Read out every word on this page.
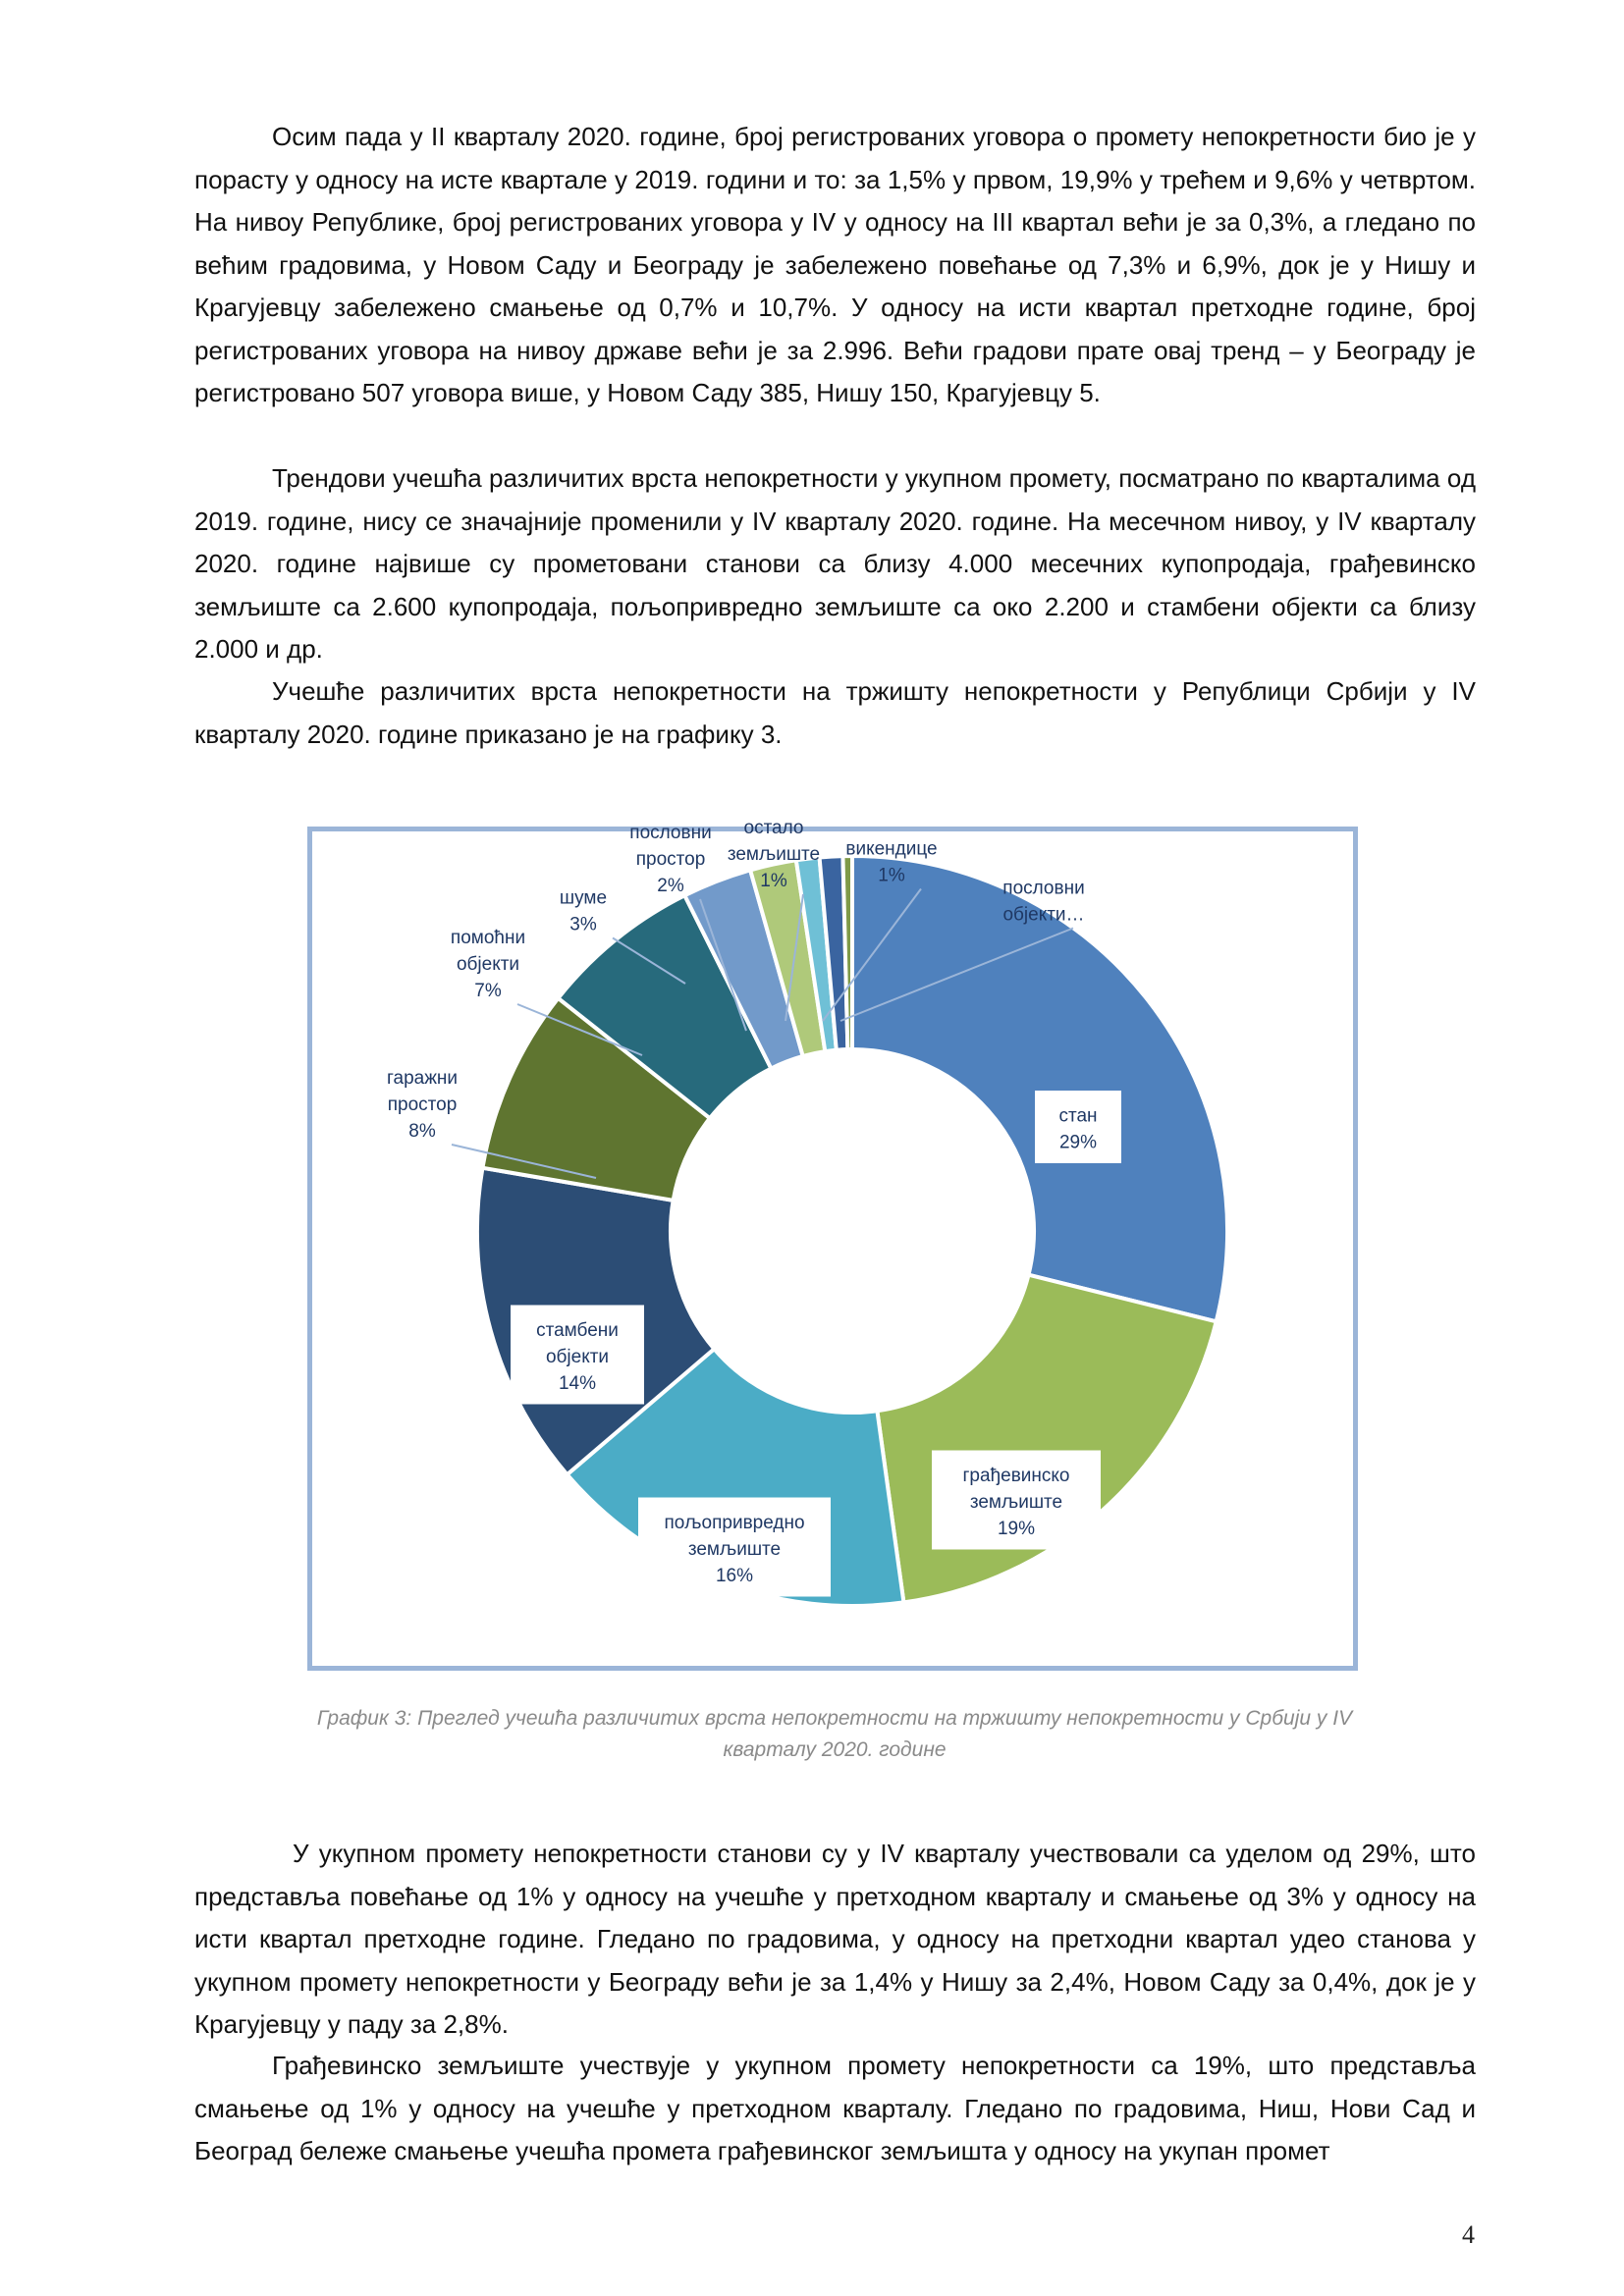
Осим пада у II кварталу 2020. године, број регистрованих уговора о промету непокретности био је у порасту у односу на исте квартале у 2019. години и то: за 1,5% у првом, 19,9% у трећем и 9,6% у четвртом. На нивоу Републике, број регистрованих уговора у IV у односу на III квартал већи је за 0,3%, а гледано по већим градовима, у Новом Саду и Београду је забележено повећање од 7,3% и 6,9%, док је у Нишу и Крагујевцу забележено смањење од 0,7% и 10,7%. У односу на исти квартал претходне године, број регистрованих уговора на нивоу државе већи је за 2.996. Већи градови прате овај тренд – у Београду је регистровано 507 уговора више, у Новом Саду 385, Нишу 150, Крагујевцу 5.

Трендови учешћа различитих врста непокретности у укупном промету, посматрано по кварталима од 2019. године, нису се значајније променили у IV кварталу 2020. године. На месечном нивоу, у IV кварталу 2020. године највише су прометовани станови са близу 4.000 месечних купопродаја, грађевинско земљиште са 2.600 купопродаја, пољопривредно земљиште са око 2.200 и стамбени објекти са близу 2.000 и др.

Учешће различитих врста непокретности на тржишту непокретности у Републици Србији у IV кварталу 2020. године приказано је на графику 3.

стан 29%
грађевинско земљиште 19%
пољопривредно земљиште 16%
стамбени објекти 14%
гаражни простор 8%
помоћни објекти 7%
шуме 3%
пословни простор 2%
остало земљиште 1%
викендице 1%
пословни објекти…

График 3: Преглед учешћа различитих врста непокретности на тржишту непокретности у Србији у IV кварталу 2020. године

У укупном промету непокретности станови су у IV кварталу учествовали са уделом од 29%, што представља повећање од 1% у односу на учешће у претходном кварталу и смањење од 3% у односу на исти квартал претходне године. Гледано по градовима, у односу на претходни квартал удео станова у укупном промету непокретности у Београду већи је за 1,4% у Нишу за 2,4%, Новом Саду за 0,4%, док је у Крагујевцу у паду за 2,8%.

Грађевинско земљиште учествује у укупном промету непокретности са 19%, што представља смањење од 1% у односу на учешће у претходном кварталу. Гледано по градовима, Ниш, Нови Сад и Београд бележе смањење учешћа промета грађевинског земљишта у односу на укупан промет

4
